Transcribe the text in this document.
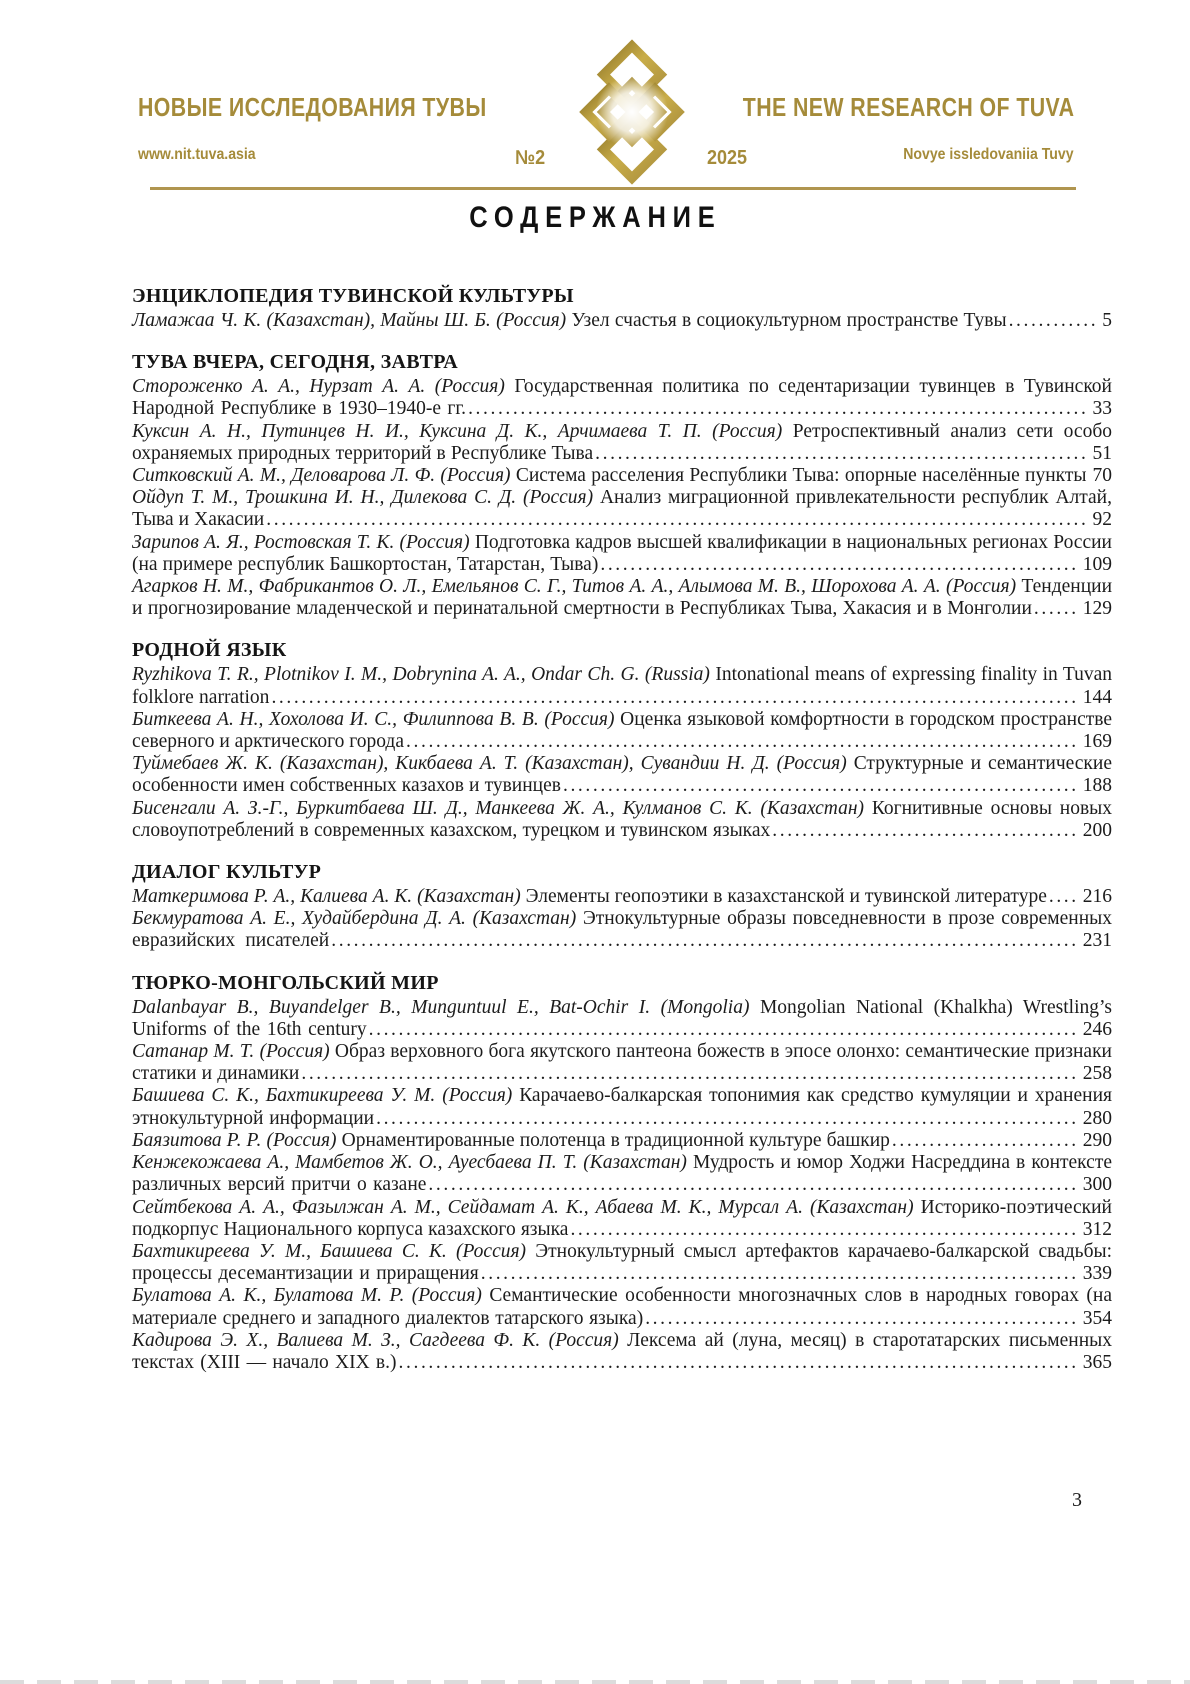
НОВЫЕ ИССЛЕДОВАНИЯ ТУВЫ	THE NEW RESEARCH OF TUVA
www.nit.tuva.asia	№2	2025	Novye issledovaniia Tuvy
СОДЕРЖАНИЕ
ЭНЦИКЛОПЕДИЯ ТУВИНСКОЙ КУЛЬТУРЫ

Ламажаа Ч. К. (Казахстан), Майны Ш. Б. (Россия) Узел счастья в социокультурном пространстве Тувы ............ 5

ТУВА ВЧЕРА, СЕГОДНЯ, ЗАВТРА

Стороженко А. А., Нурзат А. А. (Россия) Государственная политика по седентаризации тувинцев в Тувинской Народной Республике в 1930–1940-е гг. ................................................................................... 33

Куксин А. Н., Путинцев Н. И., Куксина Д. К., Арчимаева Т. П. (Россия) Ретроспективный анализ сети особо охраняемых природных территорий в Республике Тыва .................................................................. 51

Ситковский А. М., Деловарова Л. Ф. (Россия) Система расселения Республики Тыва: опорные населённые пункты 70

Ойдуп Т. М., Трошкина И. Н., Дилекова С. Д. (Россия) Анализ миграционной привлекательности республик Алтай, Тыва и Хакасии .............................................................................................................. 92

Зарипов А. Я., Ростовская Т. К. (Россия) Подготовка кадров высшей квалификации в национальных регионах России (на примере республик Башкортостан, Татарстан, Тыва) ................................................................ 109

Агарков Н. М., Фабрикантов О. Л., Емельянов С. Г., Титов А. А., Алымова М. В., Шорохова А. А. (Россия) Тенденции и прогнозирование младенческой и перинатальной смертности в Республиках Тыва, Хакасия и в Монголии ...... 129

РОДНОЙ ЯЗЫК

Ryzhikova T. R., Plotnikov I. M., Dobrynina A. A., Ondar Ch. G. (Russia) Intonational means of expressing finality in Tuvan folklore narration ............................................................................................................ 144

Биткеева А. Н., Хохолова И. С., Филиппова В. В. (Россия) Оценка языковой комфортности в городском пространстве северного и арктического города .......................................................................................... 169

Туймебаев Ж. К. (Казахстан), Кикбаева А. Т. (Казахстан), Сувандии Н. Д. (Россия) Структурные и семантические особенности имен собственных казахов и тувинцев ..................................................................... 188

Бисенгали А. З.-Г., Буркитбаева Ш. Д., Манкеева Ж. А., Кулманов С. К. (Казахстан) Когнитивные основы новых словоупотреблений в современных казахском, турецком и тувинском языках ......................................... 200

ДИАЛОГ КУЛЬТУР

Маткеримова Р. А., Калиева А. К. (Казахстан) Элементы геопоэтики в казахстанской и тувинской литературе .... 216

Бекмуратова А. Е., Худайбердина Д. А. (Казахстан) Этнокультурные образы повседневности в прозе современных евразийских писателей .................................................................................................... 231

ТЮРКО-МОНГОЛЬСКИЙ МИР

Dalanbayar B., Buyandelger B., Munguntuul E., Bat-Ochir I. (Mongolia) Mongolian National (Khalkha) Wrestling’s Uniforms of the 16th century ............................................................................................... 246

Сатанар М. Т. (Россия) Образ верховного бога якутского пантеона божеств в эпосе олонхо: семантические признаки статики и динамики ........................................................................................................ 258

Башиева С. К., Бахтикиреева У. М. (Россия) Карачаево-балкарская топонимия как средство кумуляции и хранения этнокультурной информации .............................................................................................. 280

Баязитова Р. Р. (Россия) Орнаментированные полотенца в традиционной культуре башкир ......................... 290

Кенжекожаева А., Мамбетов Ж. О., Ауесбаева П. Т. (Казахстан) Мудрость и юмор Ходжи Насреддина в контексте различных версий притчи о казане ....................................................................................... 300

Сейтбекова А. А., Фазылжан А. М., Сейдамат А. К., Абаева М. К., Мурсал А. (Казахстан) Историко-поэтический подкорпус Национального корпуса казахского языка .................................................................... 312

Бахтикиреева У. М., Башиева С. К. (Россия) Этнокультурный смысл артефактов карачаево-балкарской свадьбы: процессы десемантизации и приращения ................................................................................ 339

Булатова А. К., Булатова М. Р. (Россия) Семантические особенности многозначных слов в народных говорах (на материале среднего и западного диалектов татарского языка) .......................................................... 354

Кадирова Э. Х., Валиева М. З., Сагдеева Ф. К. (Россия) Лексема ай (луна, месяц) в старотатарских письменных текстах (XIII — начало XIX в.) ........................................................................................... 365

3
